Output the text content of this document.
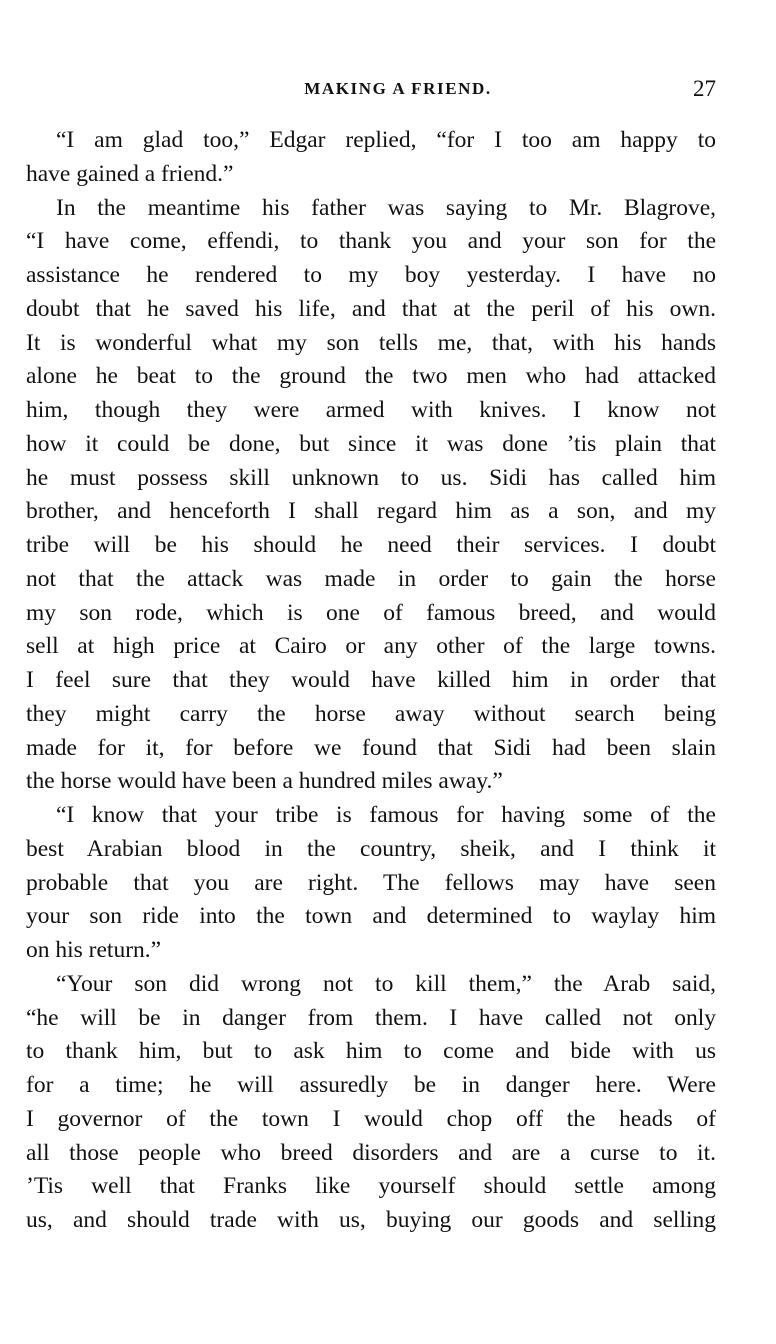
MAKING A FRIEND.	27
“I am glad too,” Edgar replied, “for I too am happy to
have gained a friend.”
In the meantime his father was saying to Mr. Blagrove,
“I have come, effendi, to thank you and your son for the
assistance he rendered to my boy yesterday. I have no
doubt that he saved his life, and that at the peril of his own.
It is wonderful what my son tells me, that, with his hands
alone he beat to the ground the two men who had attacked
him, though they were armed with knives. I know not
how it could be done, but since it was done ’tis plain that
he must possess skill unknown to us. Sidi has called him
brother, and henceforth I shall regard him as a son, and my
tribe will be his should he need their services. I doubt
not that the attack was made in order to gain the horse
my son rode, which is one of famous breed, and would
sell at high price at Cairo or any other of the large towns.
I feel sure that they would have killed him in order that
they might carry the horse away without search being
made for it, for before we found that Sidi had been slain
the horse would have been a hundred miles away.”
“I know that your tribe is famous for having some of the
best Arabian blood in the country, sheik, and I think it
probable that you are right. The fellows may have seen
your son ride into the town and determined to waylay him
on his return.”
“Your son did wrong not to kill them,” the Arab said,
“he will be in danger from them. I have called not only
to thank him, but to ask him to come and bide with us
for a time; he will assuredly be in danger here. Were
I governor of the town I would chop off the heads of
all those people who breed disorders and are a curse to it.
’Tis well that Franks like yourself should settle among
us, and should trade with us, buying our goods and selling
